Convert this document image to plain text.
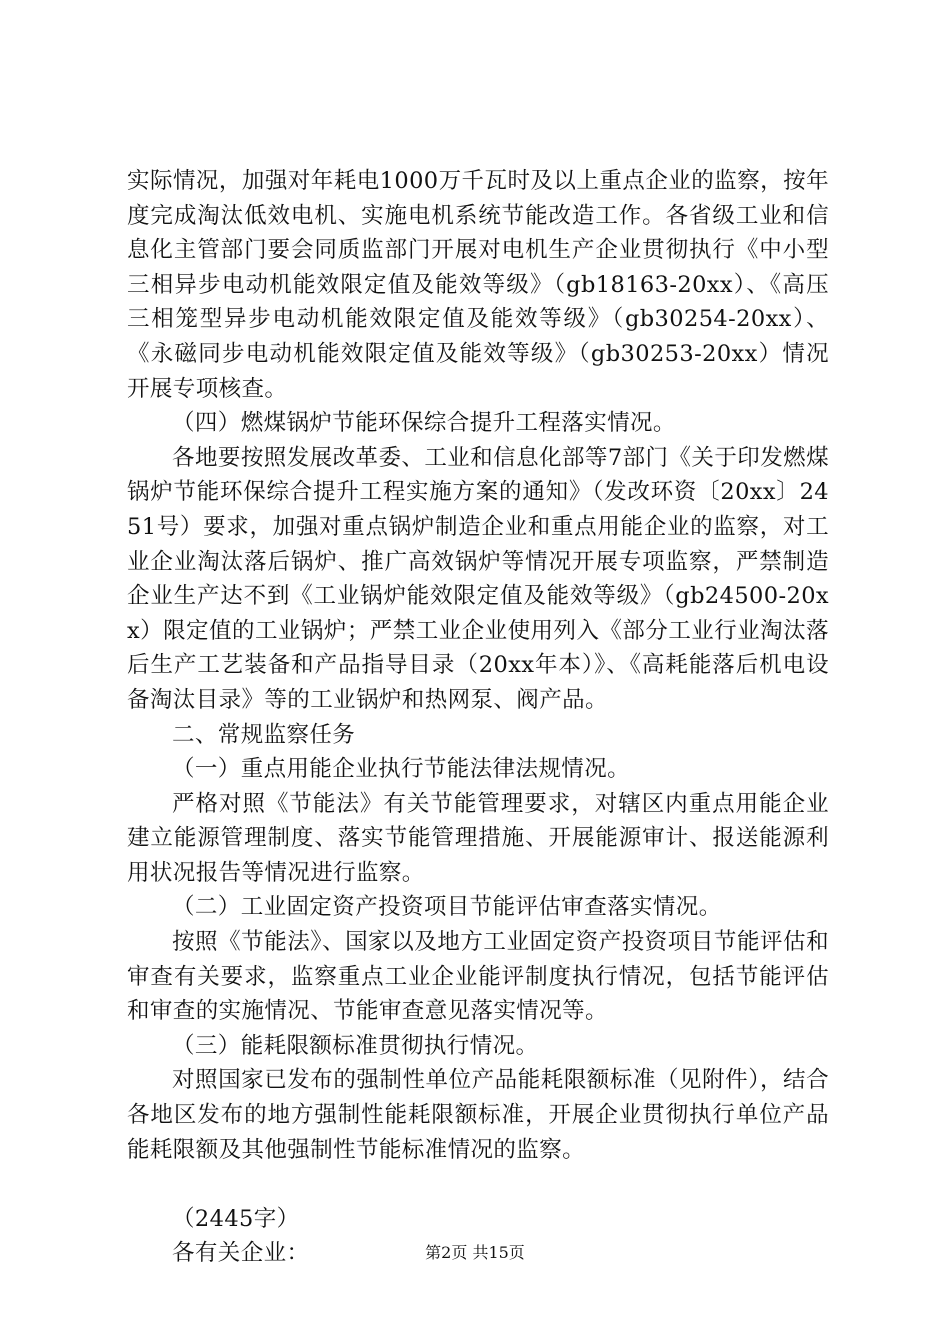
实际情况，加强对年耗电1000万千瓦时及以上重点企业的监察，按年度完成淘汰低效电机、实施电机系统节能改造工作。各省级工业和信息化主管部门要会同质监部门开展对电机生产企业贯彻执行《中小型三相异步电动机能效限定值及能效等级》（gb18163-20xx）、《高压三相笼型异步电动机能效限定值及能效等级》（gb30254-20xx）、《永磁同步电动机能效限定值及能效等级》（gb30253-20xx）情况开展专项核查。

（四）燃煤锅炉节能环保综合提升工程落实情况。

各地要按照发展改革委、工业和信息化部等7部门《关于印发燃煤锅炉节能环保综合提升工程实施方案的通知》（发改环资〔20xx〕2451号）要求，加强对重点锅炉制造企业和重点用能企业的监察，对工业企业淘汰落后锅炉、推广高效锅炉等情况开展专项监察，严禁制造企业生产达不到《工业锅炉能效限定值及能效等级》（gb24500-20xx）限定值的工业锅炉；严禁工业企业使用列入《部分工业行业淘汰落后生产工艺装备和产品指导目录（20xx年本）》、《高耗能落后机电设备淘汰目录》等的工业锅炉和热网泵、阀产品。

二、常规监察任务

（一）重点用能企业执行节能法律法规情况。

严格对照《节能法》有关节能管理要求，对辖区内重点用能企业建立能源管理制度、落实节能管理措施、开展能源审计、报送能源利用状况报告等情况进行监察。

（二）工业固定资产投资项目节能评估审查落实情况。

按照《节能法》、国家以及地方工业固定资产投资项目节能评估和审查有关要求，监察重点工业企业能评制度执行情况，包括节能评估和审查的实施情况、节能审查意见落实情况等。

（三）能耗限额标准贯彻执行情况。

对照国家已发布的强制性单位产品能耗限额标准（见附件），结合各地区发布的地方强制性能耗限额标准，开展企业贯彻执行单位产品能耗限额及其他强制性节能标准情况的监察。

（2445字）

各有关企业：	第2页 共15页
